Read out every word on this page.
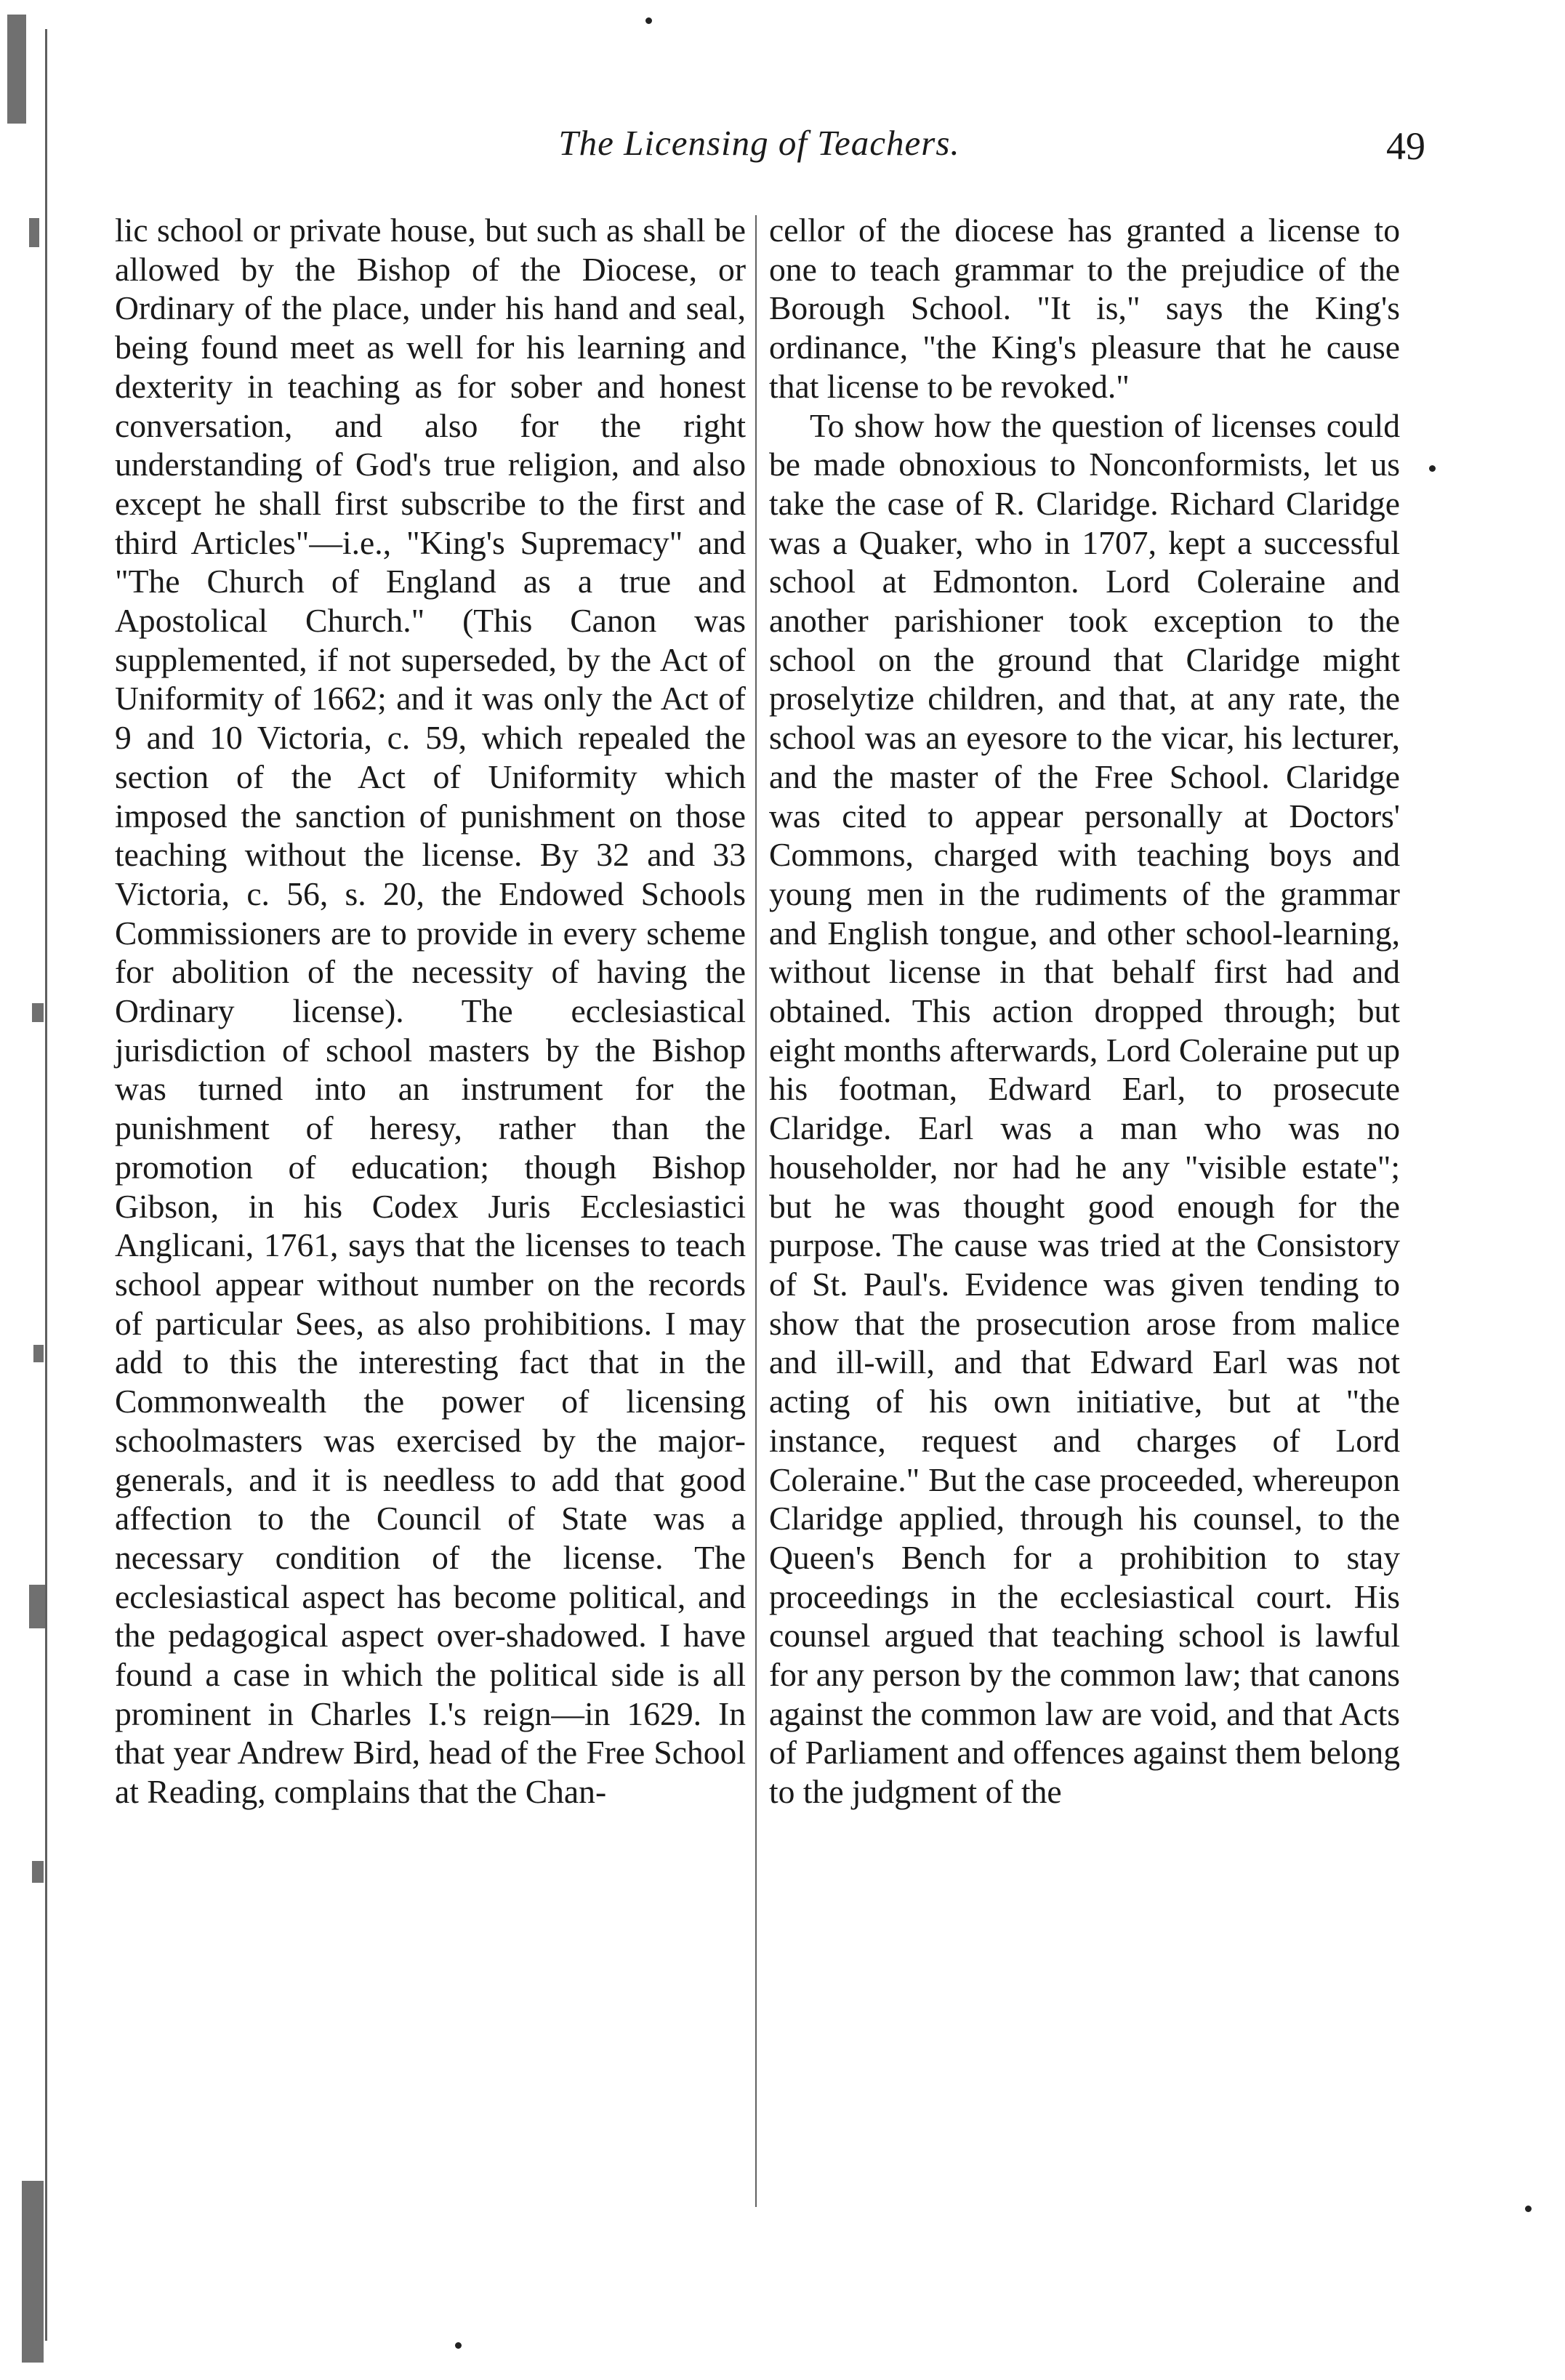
The Licensing of Teachers.	49

lic school or private house, but such as shall be allowed by the Bishop of the Diocese, or Ordinary of the place, under his hand and seal, being found meet as well for his learning and dexterity in teaching as for sober and honest conversation, and also for the right understanding of God's true religion, and also except he shall first subscribe to the first and third Articles"—i.e., "King's Supremacy" and "The Church of England as a true and Apostolical Church." (This Canon was supplemented, if not superseded, by the Act of Uniformity of 1662; and it was only the Act of 9 and 10 Victoria, c. 59, which repealed the section of the Act of Uniformity which imposed the sanction of punishment on those teaching without the license. By 32 and 33 Victoria, c. 56, s. 20, the Endowed Schools Commissioners are to provide in every scheme for abolition of the necessity of having the Ordinary license). The ecclesiastical jurisdiction of school masters by the Bishop was turned into an instrument for the punishment of heresy, rather than the promotion of education; though Bishop Gibson, in his Codex Juris Ecclesiastici Anglicani, 1761, says that the licenses to teach school appear without number on the records of particular Sees, as also prohibitions. I may add to this the interesting fact that in the Commonwealth the power of licensing schoolmasters was exercised by the major-generals, and it is needless to add that good affection to the Council of State was a necessary condition of the license. The ecclesiastical aspect has become political, and the pedagogical aspect over-shadowed. I have found a case in which the political side is all prominent in Charles I.'s reign—in 1629. In that year Andrew Bird, head of the Free School at Reading, complains that the Chan-

cellor of the diocese has granted a license to one to teach grammar to the prejudice of the Borough School. "It is," says the King's ordinance, "the King's pleasure that he cause that license to be revoked."

To show how the question of licenses could be made obnoxious to Nonconformists, let us take the case of R. Claridge. Richard Claridge was a Quaker, who in 1707, kept a successful school at Edmonton. Lord Coleraine and another parishioner took exception to the school on the ground that Claridge might proselytize children, and that, at any rate, the school was an eyesore to the vicar, his lecturer, and the master of the Free School. Claridge was cited to appear personally at Doctors' Commons, charged with teaching boys and young men in the rudiments of the grammar and English tongue, and other school-learning, without license in that behalf first had and obtained. This action dropped through; but eight months afterwards, Lord Coleraine put up his footman, Edward Earl, to prosecute Claridge. Earl was a man who was no householder, nor had he any "visible estate"; but he was thought good enough for the purpose. The cause was tried at the Consistory of St. Paul's. Evidence was given tending to show that the prosecution arose from malice and ill-will, and that Edward Earl was not acting of his own initiative, but at "the instance, request and charges of Lord Coleraine." But the case proceeded, whereupon Claridge applied, through his counsel, to the Queen's Bench for a prohibition to stay proceedings in the ecclesiastical court. His counsel argued that teaching school is lawful for any person by the common law; that canons against the common law are void, and that Acts of Parliament and offences against them belong to the judgment of the
